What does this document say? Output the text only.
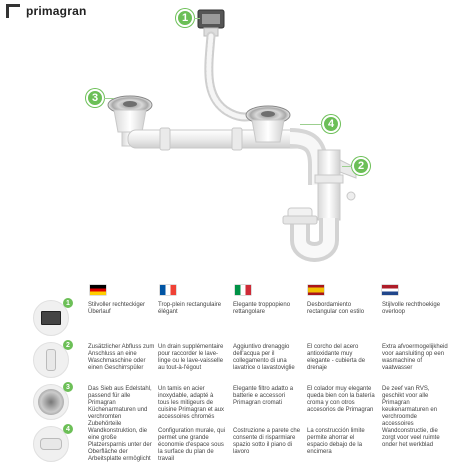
primagran	1
3
4
2
1	Stilvoller rechteckiger Überlauf
Trop-plein rectangulaire élégant
Elegante troppopieno rettangolare
Desbordamiento rectangular con estilo
Stijlvolle rechthoekige overloop
2	Zusätzlicher Abfluss zum Anschluss an eine Waschmaschine oder einen Geschirrspüler
Un drain supplémentaire pour raccorder le lave-linge ou le lave-vaisselle au tout-à-l'égout
Aggiuntivo drenaggio dell'acqua per il collegamento di una lavatrice o lavastoviglie
El corcho del acero antioxidante muy elegante - cubierta de drenaje
Extra afvoermogelijkheid voor aansluiting op een wasmachine of vaatwasser
3	Das Sieb aus Edelstahl, passend für alle Primagran Küchenarmaturen und verchromten Zubehörteile
Un tamis en acier inoxydable, adapté à tous les mitigeurs de cuisine Primagran et aux accessoires chromés
Elegante filtro adatto a batterie e accessori Primagran cromati
El colador muy elegante queda bien con la batería croma y con otros accesorios de Primagran
De zeef van RVS, geschikt voor alle Primagran keukenarmaturen en verchroomde accessoires
4	Wandkonstruktion, die eine große Platzersparnis unter der Oberfläche der Arbeitsplatte ermöglicht
Configuration murale, qui permet une grande économie d'espace sous la surface du plan de travail
Costruzione a parete che consente di risparmiare spazio sotto il piano di lavoro
La construcción limite permite ahorrar el espacio debajo de la encimera
Wandconstructie, die zorgt voor veel ruimte onder het werkblad
